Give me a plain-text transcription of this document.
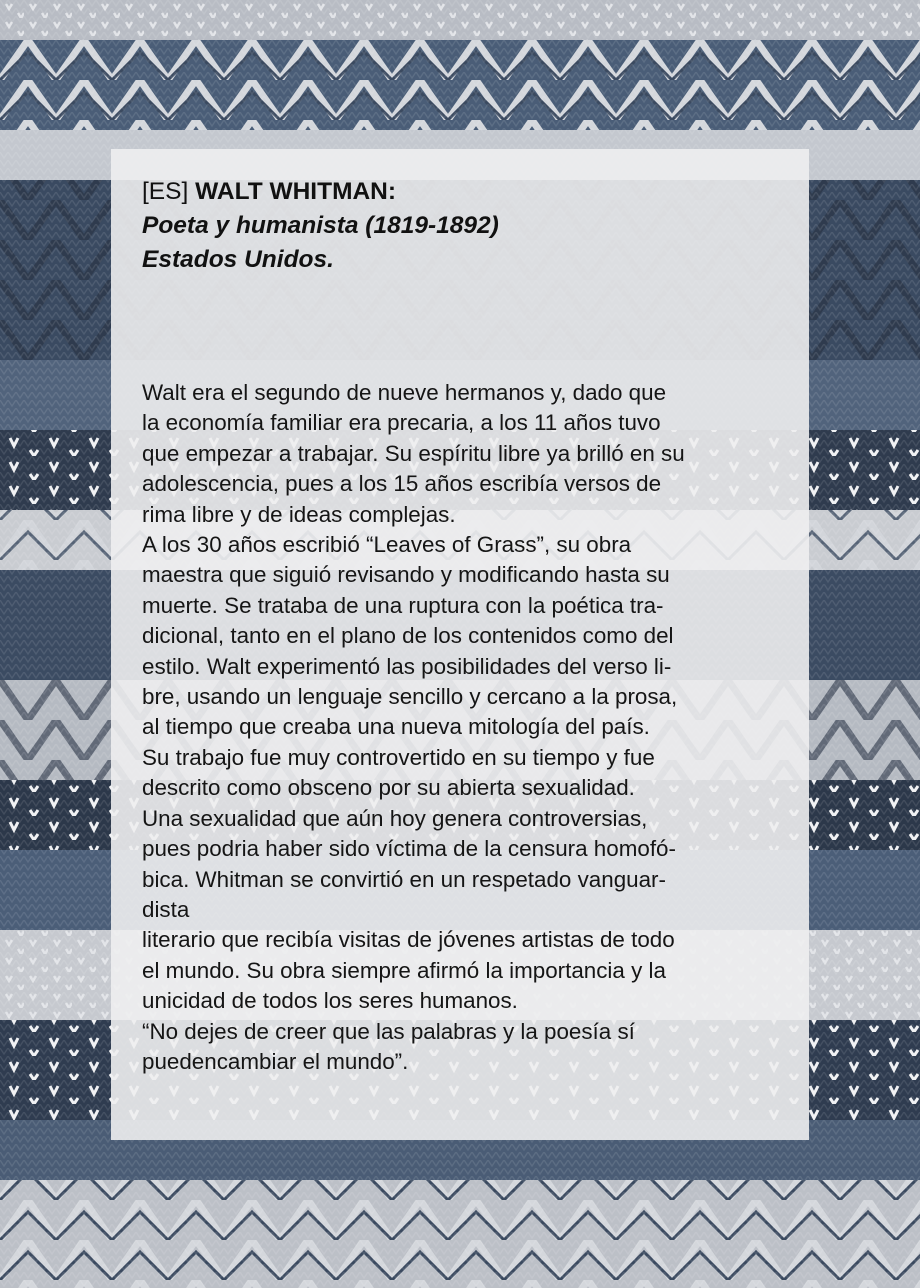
[ES] WALT WHITMAN:
Poeta y humanista (1819-1892)
Estados Unidos.
Walt era el segundo de nueve hermanos y, dado que
la economía familiar era precaria, a los 11 años tuvo
que empezar a trabajar. Su espíritu libre ya brilló en su
adolescencia, pues a los 15 años escribía versos de
rima libre y de ideas complejas.
A los 30 años escribió “Leaves of Grass”, su obra
maestra que siguió revisando y modificando hasta su
muerte. Se trataba de una ruptura con la poética tra-
dicional, tanto en el plano de los contenidos como del
estilo. Walt experimentó las posibilidades del verso li-
bre, usando un lenguaje sencillo y cercano a la prosa,
al tiempo que creaba una nueva mitología del país.
Su trabajo fue muy controvertido en su tiempo y fue
descrito como obsceno por su abierta sexualidad.
Una sexualidad que aún hoy genera controversias,
pues podria haber sido víctima de la censura homofó-
bica. Whitman se convirtió en un respetado vanguar-
dista
literario que recibía visitas de jóvenes artistas de todo
el mundo. Su obra siempre afirmó la importancia y la
unicidad de todos los seres humanos.
“No dejes de creer que las palabras y la poesía sí
puedencambiar el mundo”.
